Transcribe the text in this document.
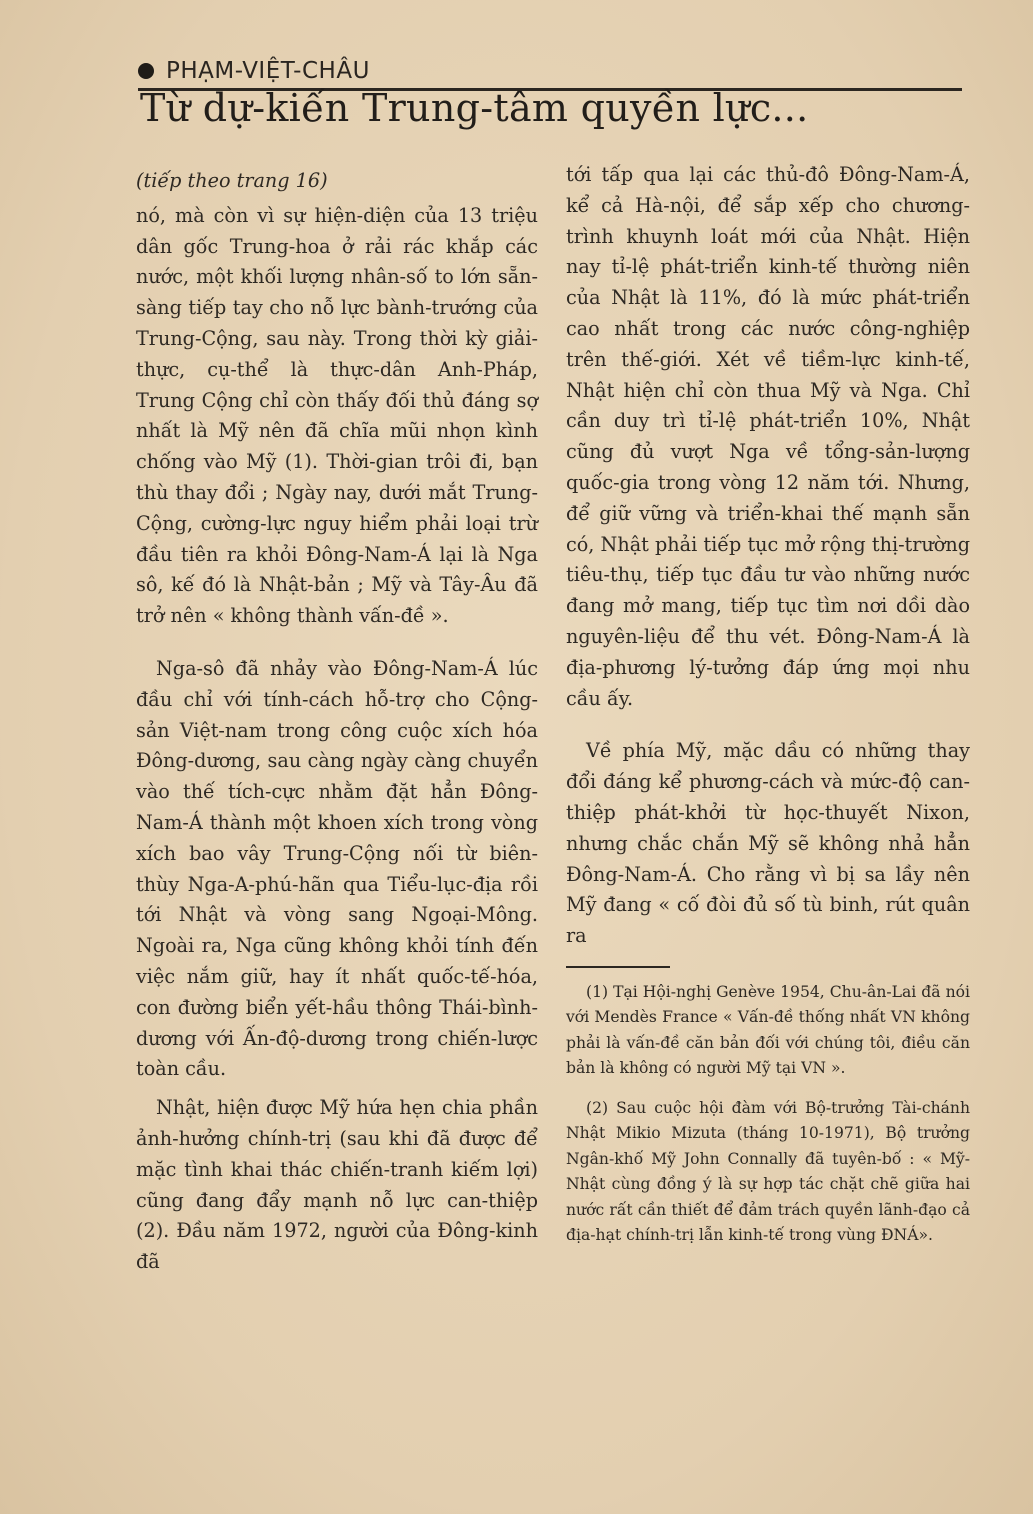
PHẠM-VIỆT-CHÂU
Từ dự-kiến Trung-tâm quyền lực...
(tiếp theo trang 16)

nó, mà còn vì sự hiện-diện của 13 triệu dân gốc Trung-hoa ở rải rác khắp các nước, một khối lượng nhân-số to lớn sẵn-sàng tiếp tay cho nỗ lực bành-trướng của Trung-Cộng, sau này. Trong thời kỳ giải-thực, cụ-thể là thực-dân Anh-Pháp, Trung Cộng chỉ còn thấy đối thủ đáng sợ nhất là Mỹ nên đã chĩa mũi nhọn kình chống vào Mỹ (1). Thời-gian trôi đi, bạn thù thay đổi ; Ngày nay, dưới mắt Trung-Cộng, cường-lực nguy hiểm phải loại trừ đầu tiên ra khỏi Đông-Nam-Á lại là Nga sô, kế đó là Nhật-bản ; Mỹ và Tây-Âu đã trở nên « không thành vấn-đề ».

Nga-sô đã nhảy vào Đông-Nam-Á lúc đầu chỉ với tính-cách hỗ-trợ cho Cộng-sản Việt-nam trong công cuộc xích hóa Đông-dương, sau càng ngày càng chuyển vào thế tích-cực nhằm đặt hẳn Đông-Nam-Á thành một khoen xích trong vòng xích bao vây Trung-Cộng nối từ biên-thùy Nga-A-phú-hãn qua Tiểu-lục-địa rồi tới Nhật và vòng sang Ngoại-Mông. Ngoài ra, Nga cũng không khỏi tính đến việc nắm giữ, hay ít nhất quốc-tế-hóa, con đường biển yết-hầu thông Thái-bình-dương với Ấn-độ-dương trong chiến-lược toàn cầu.

Nhật, hiện được Mỹ hứa hẹn chia phần ảnh-hưởng chính-trị (sau khi đã được để mặc tình khai thác chiến-tranh kiếm lợi) cũng đang đẩy mạnh nỗ lực can-thiệp (2). Đầu năm 1972, người của Đông-kinh đã

tới tấp qua lại các thủ-đô Đông-Nam-Á, kể cả Hà-nội, để sắp xếp cho chương-trình khuynh loát mới của Nhật. Hiện nay tỉ-lệ phát-triển kinh-tế thường niên của Nhật là 11%, đó là mức phát-triển cao nhất trong các nước công-nghiệp trên thế-giới. Xét về tiềm-lực kinh-tế, Nhật hiện chỉ còn thua Mỹ và Nga. Chỉ cần duy trì tỉ-lệ phát-triển 10%, Nhật cũng đủ vượt Nga về tổng-sản-lượng quốc-gia trong vòng 12 năm tới. Nhưng, để giữ vững và triển-khai thế mạnh sẵn có, Nhật phải tiếp tục mở rộng thị-trường tiêu-thụ, tiếp tục đầu tư vào những nước đang mở mang, tiếp tục tìm nơi dồi dào nguyên-liệu để thu vét. Đông-Nam-Á là địa-phương lý-tưởng đáp ứng mọi nhu cầu ấy.

Về phía Mỹ, mặc dầu có những thay đổi đáng kể phương-cách và mức-độ can-thiệp phát-khởi từ học-thuyết Nixon, nhưng chắc chắn Mỹ sẽ không nhả hẳn Đông-Nam-Á. Cho rằng vì bị sa lầy nên Mỹ đang « cố đòi đủ số tù binh, rút quân ra

(1) Tại Hội-nghị Genève 1954, Chu-ân-Lai đã nói với Mendès France « Vấn-đề thống nhất VN không phải là vấn-đề căn bản đối với chúng tôi, điều căn bản là không có người Mỹ tại VN ».

(2) Sau cuộc hội đàm với Bộ-trưởng Tài-chánh Nhật Mikio Mizuta (tháng 10-1971), Bộ trưởng Ngân-khố Mỹ John Connally đã tuyên-bố : « Mỹ-Nhật cùng đồng ý là sự hợp tác chặt chẽ giữa hai nước rất cần thiết để đảm trách quyền lãnh-đạo cả địa-hạt chính-trị lẫn kinh-tế trong vùng ĐNÁ».
